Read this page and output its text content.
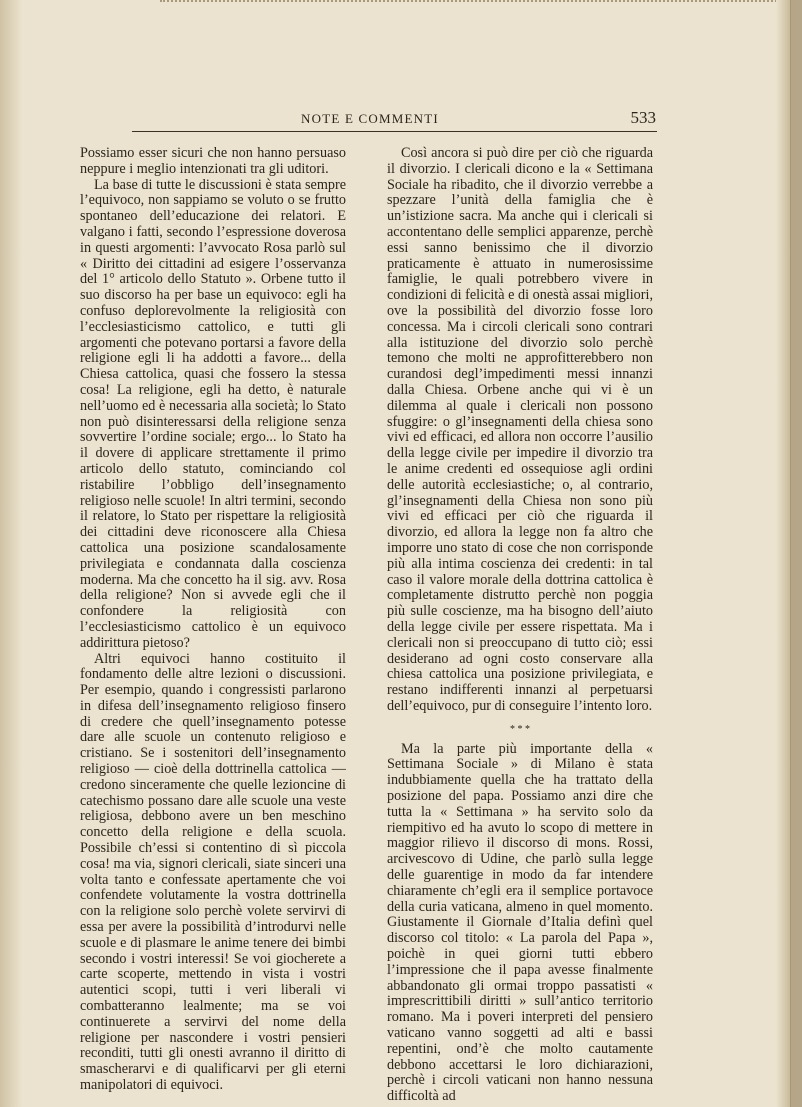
NOTE E COMMENTI	533

Possiamo esser sicuri che non hanno persuaso neppure i meglio intenzionati tra gli uditori.

La base di tutte le discussioni è stata sempre l’equivoco, non sappiamo se voluto o se frutto spontaneo dell’educazione dei relatori. E valgano i fatti, secondo l’espressione doverosa in questi argomenti: l’avvocato Rosa parlò sul « Diritto dei cittadini ad esigere l’osservanza del 1° articolo dello Statuto ». Orbene tutto il suo discorso ha per base un equivoco: egli ha confuso deplorevolmente la religiosità con l’ecclesiasticismo cattolico, e tutti gli argomenti che potevano portarsi a favore della religione egli li ha addotti a favore... della Chiesa cattolica, quasi che fossero la stessa cosa! La religione, egli ha detto, è naturale nell’uomo ed è necessaria alla società; lo Stato non può disinteressarsi della religione senza sovvertire l’ordine sociale; ergo... lo Stato ha il dovere di applicare strettamente il primo articolo dello statuto, cominciando col ristabilire l’obbligo dell’insegnamento religioso nelle scuole! In altri termini, secondo il relatore, lo Stato per rispettare la religiosità dei cittadini deve riconoscere alla Chiesa cattolica una posizione scandalosamente privilegiata e condannata dalla coscienza moderna. Ma che concetto ha il sig. avv. Rosa della religione? Non si avvede egli che il confondere la religiosità con l’ecclesiasticismo cattolico è un equivoco addirittura pietoso?

Altri equivoci hanno costituito il fondamento delle altre lezioni o discussioni. Per esempio, quando i congressisti parlarono in difesa dell’insegnamento religioso finsero di credere che quell’insegnamento potesse dare alle scuole un contenuto religioso e cristiano. Se i sostenitori dell’insegnamento religioso — cioè della dottrinella cattolica — credono sinceramente che quelle lezioncine di catechismo possano dare alle scuole una veste religiosa, debbono avere un ben meschino concetto della religione e della scuola. Possibile ch’essi si contentino di sì piccola cosa! ma via, signori clericali, siate sinceri una volta tanto e confessate apertamente che voi confendete volutamente la vostra dottrinella con la religione solo perchè volete servirvi di essa per avere la possibilità d’introdurvi nelle scuole e di plasmare le anime tenere dei bimbi secondo i vostri interessi! Se voi giocherete a carte scoperte, mettendo in vista i vostri autentici scopi, tutti i veri liberali vi combatteranno lealmente; ma se voi continuerete a servirvi del nome della religione per nascondere i vostri pensieri reconditi, tutti gli onesti avranno il diritto di smascherarvi e di qualificarvi per gli eterni manipolatori di equivoci.

Così ancora si può dire per ciò che riguarda il divorzio. I clericali dicono e la « Settimana Sociale ha ribadito, che il divorzio verrebbe a spezzare l’unità della famiglia che è un’istizione sacra. Ma anche qui i clericali si accontentano delle semplici apparenze, perchè essi sanno benissimo che il divorzio praticamente è attuato in numerosissime famiglie, le quali potrebbero vivere in condizioni di felicità e di onestà assai migliori, ove la possibilità del divorzio fosse loro concessa. Ma i circoli clericali sono contrari alla istituzione del divorzio solo perchè temono che molti ne approfitterebbero non curandosi degl’impedimenti messi innanzi dalla Chiesa. Orbene anche qui vi è un dilemma al quale i clericali non possono sfuggire: o gl’insegnamenti della chiesa sono vivi ed efficaci, ed allora non occorre l’ausilio della legge civile per impedire il divorzio tra le anime credenti ed ossequiose agli ordini delle autorità ecclesiastiche; o, al contrario, gl’insegnamenti della Chiesa non sono più vivi ed efficaci per ciò che riguarda il divorzio, ed allora la legge non fa altro che imporre uno stato di cose che non corrisponde più alla intima coscienza dei credenti: in tal caso il valore morale della dottrina cattolica è completamente distrutto perchè non poggia più sulle coscienze, ma ha bisogno dell’aiuto della legge civile per essere rispettata. Ma i clericali non si preoccupano di tutto ciò; essi desiderano ad ogni costo conservare alla chiesa cattolica una posizione privilegiata, e restano indifferenti innanzi al perpetuarsi dell’equivoco, pur di conseguire l’intento loro.

* * *

Ma la parte più importante della « Settimana Sociale » di Milano è stata indubbiamente quella che ha trattato della posizione del papa. Possiamo anzi dire che tutta la « Settimana » ha servito solo da riempitivo ed ha avuto lo scopo di mettere in maggior rilievo il discorso di mons. Rossi, arcivescovo di Udine, che parlò sulla legge delle guarentige in modo da far intendere chiaramente ch’egli era il semplice portavoce della curia vaticana, almeno in quel momento. Giustamente il Giornale d’Italia definì quel discorso col titolo: « La parola del Papa », poichè in quei giorni tutti ebbero l’impressione che il papa avesse finalmente abbandonato gli ormai troppo passatisti « imprescrittibili diritti » sull’antico territorio romano. Ma i poveri interpreti del pensiero vaticano vanno soggetti ad alti e bassi repentini, ond’è che molto cautamente debbono accettarsi le loro dichiarazioni, perchè i circoli vaticani non hanno nessuna difficoltà ad
